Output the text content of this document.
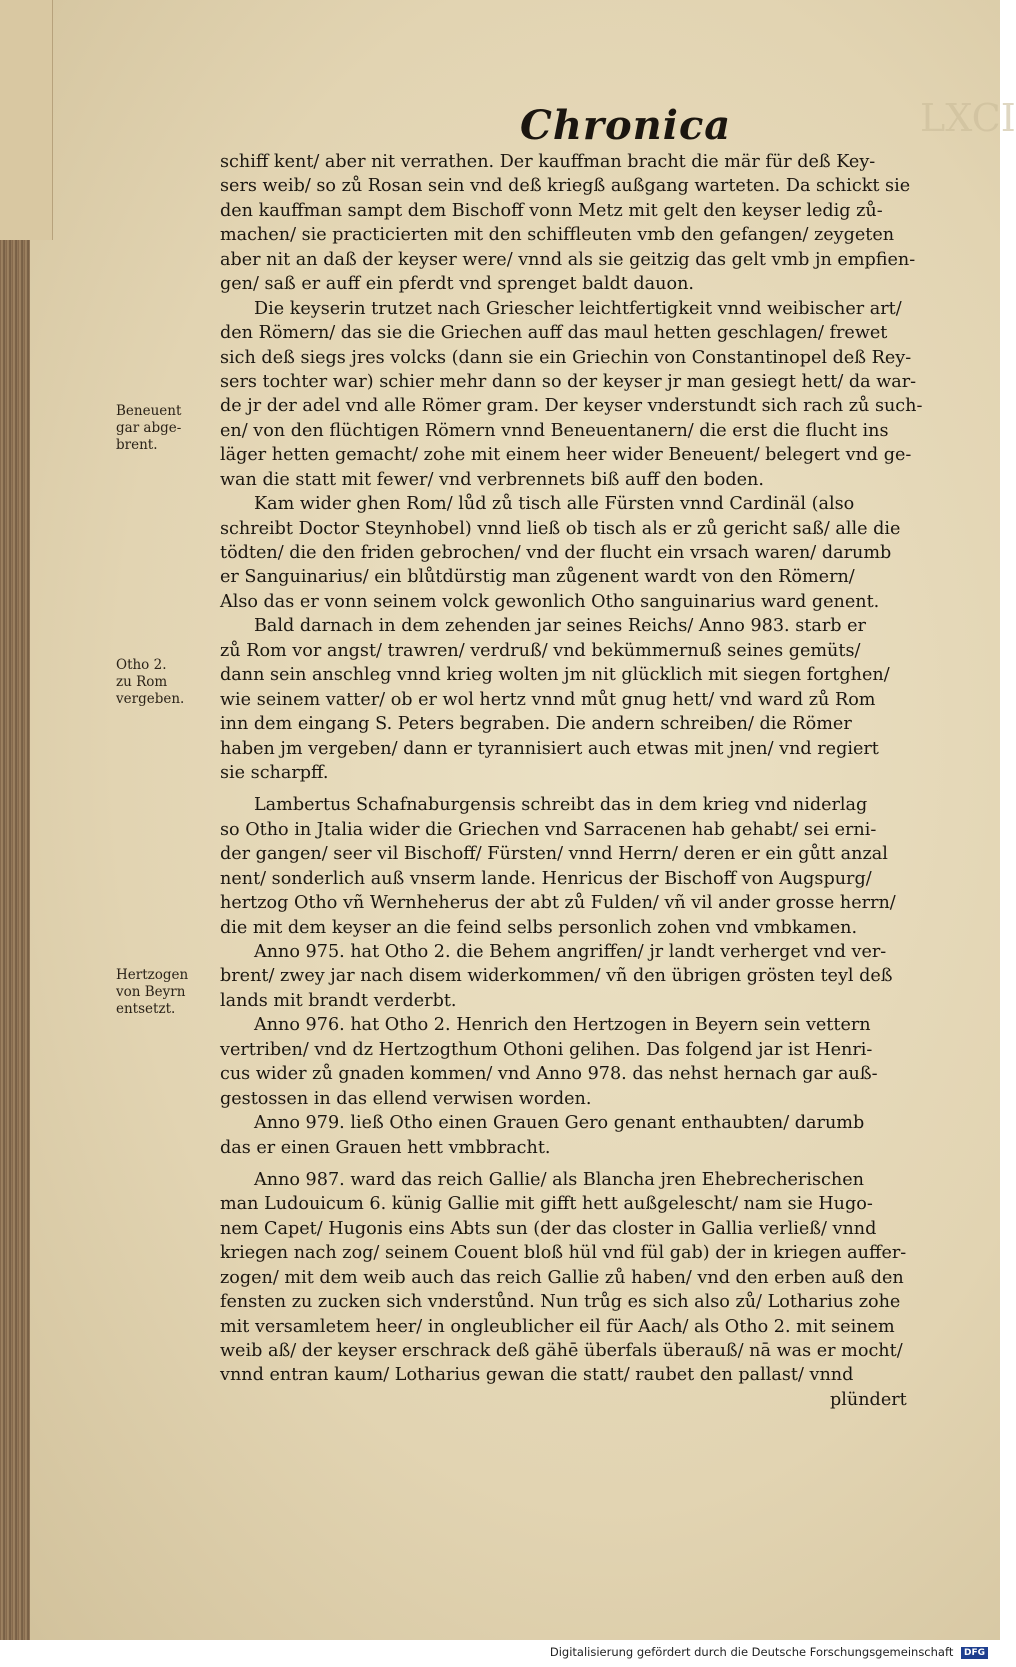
LXCI
Chronica

schiff kent/ aber nit verrathen. Der kauffman bracht die mär für deß Key-

sers weib/ so zů Rosan sein vnd deß kriegß außgang warteten. Da schickt sie

den kauffman sampt dem Bischoff vonn Metz mit gelt den keyser ledig zů-

machen/ sie practicierten mit den schiffleuten vmb den gefangen/ zeygeten

aber nit an daß der keyser were/ vnnd als sie geitzig das gelt vmb jn empfien-

gen/ saß er auff ein pferdt vnd sprenget baldt dauon.

Die keyserin trutzet nach Griescher leichtfertigkeit vnnd weibischer art/

den Römern/ das sie die Griechen auff das maul hetten geschlagen/ frewet

sich deß siegs jres volcks (dann sie ein Griechin von Constantinopel deß Rey-

sers tochter war) schier mehr dann so der keyser jr man gesiegt hett/ da war-

de jr der adel vnd alle Römer gram. Der keyser vnderstundt sich rach zů such-

en/ von den flüchtigen Römern vnnd Beneuentanern/ die erst die flucht ins

läger hetten gemacht/ zohe mit einem heer wider Beneuent/ belegert vnd ge-

wan die statt mit fewer/ vnd verbrennets biß auff den boden.

Kam wider ghen Rom/ lůd zů tisch alle Fürsten vnnd Cardinäl (also

schreibt Doctor Steynhobel) vnnd ließ ob tisch als er zů gericht saß/ alle die

tödten/ die den friden gebrochen/ vnd der flucht ein vrsach waren/ darumb

er Sanguinarius/ ein blůtdürstig man zůgenent wardt von den Römern/

Also das er vonn seinem volck gewonlich Otho sanguinarius ward genent.

Bald darnach in dem zehenden jar seines Reichs/ Anno 983. starb er

zů Rom vor angst/ trawren/ verdruß/ vnd bekümmernuß seines gemüts/

dann sein anschleg vnnd krieg wolten jm nit glücklich mit siegen fortghen/

wie seinem vatter/ ob er wol hertz vnnd můt gnug hett/ vnd ward zů Rom

inn dem eingang S. Peters begraben. Die andern schreiben/ die Römer

haben jm vergeben/ dann er tyrannisiert auch etwas mit jnen/ vnd regiert

sie scharpff.

Lambertus Schafnaburgensis schreibt das in dem krieg vnd niderlag

so Otho in Jtalia wider die Griechen vnd Sarracenen hab gehabt/ sei erni-

der gangen/ seer vil Bischoff/ Fürsten/ vnnd Herrn/ deren er ein gůtt anzal

nent/ sonderlich auß vnserm lande. Henricus der Bischoff von Augspurg/

hertzog Otho vñ Wernheherus der abt zů Fulden/ vñ vil ander grosse herrn/

die mit dem keyser an die feind selbs personlich zohen vnd vmbkamen.

Anno 975. hat Otho 2. die Behem angriffen/ jr landt verherget vnd ver-

brent/ zwey jar nach disem widerkommen/ vñ den übrigen grösten teyl deß

lands mit brandt verderbt.

Anno 976. hat Otho 2. Henrich den Hertzogen in Beyern sein vettern

vertriben/ vnd dz Hertzogthum Othoni gelihen. Das folgend jar ist Henri-

cus wider zů gnaden kommen/ vnd Anno 978. das nehst hernach gar auß-

gestossen in das ellend verwisen worden.

Anno 979. ließ Otho einen Grauen Gero genant enthaubten/ darumb

das er einen Grauen hett vmbbracht.

Anno 987. ward das reich Gallie/ als Blancha jren Ehebrecherischen

man Ludouicum 6. künig Gallie mit gifft hett außgelescht/ nam sie Hugo-

nem Capet/ Hugonis eins Abts sun (der das closter in Gallia verließ/ vnnd

kriegen nach zog/ seinem Couent bloß hül vnd fül gab) der in kriegen auffer-

zogen/ mit dem weib auch das reich Gallie zů haben/ vnd den erben auß den

fensten zu zucken sich vnderstůnd. Nun trůg es sich also zů/ Lotharius zohe

mit versamletem heer/ in ongleublicher eil für Aach/ als Otho 2. mit seinem

weib aß/ der keyser erschrack deß gähē überfals überauß/ nā was er mocht/

vnnd entran kaum/ Lotharius gewan die statt/ raubet den pallast/ vnnd

plündert

Beneuent

gar abge-

brent.

Otho 2.

zu Rom

vergeben.

Hertzogen

von Beyrn

entsetzt.

Digitalisierung gefördert durch die Deutsche Forschungsgemeinschaft DFG
